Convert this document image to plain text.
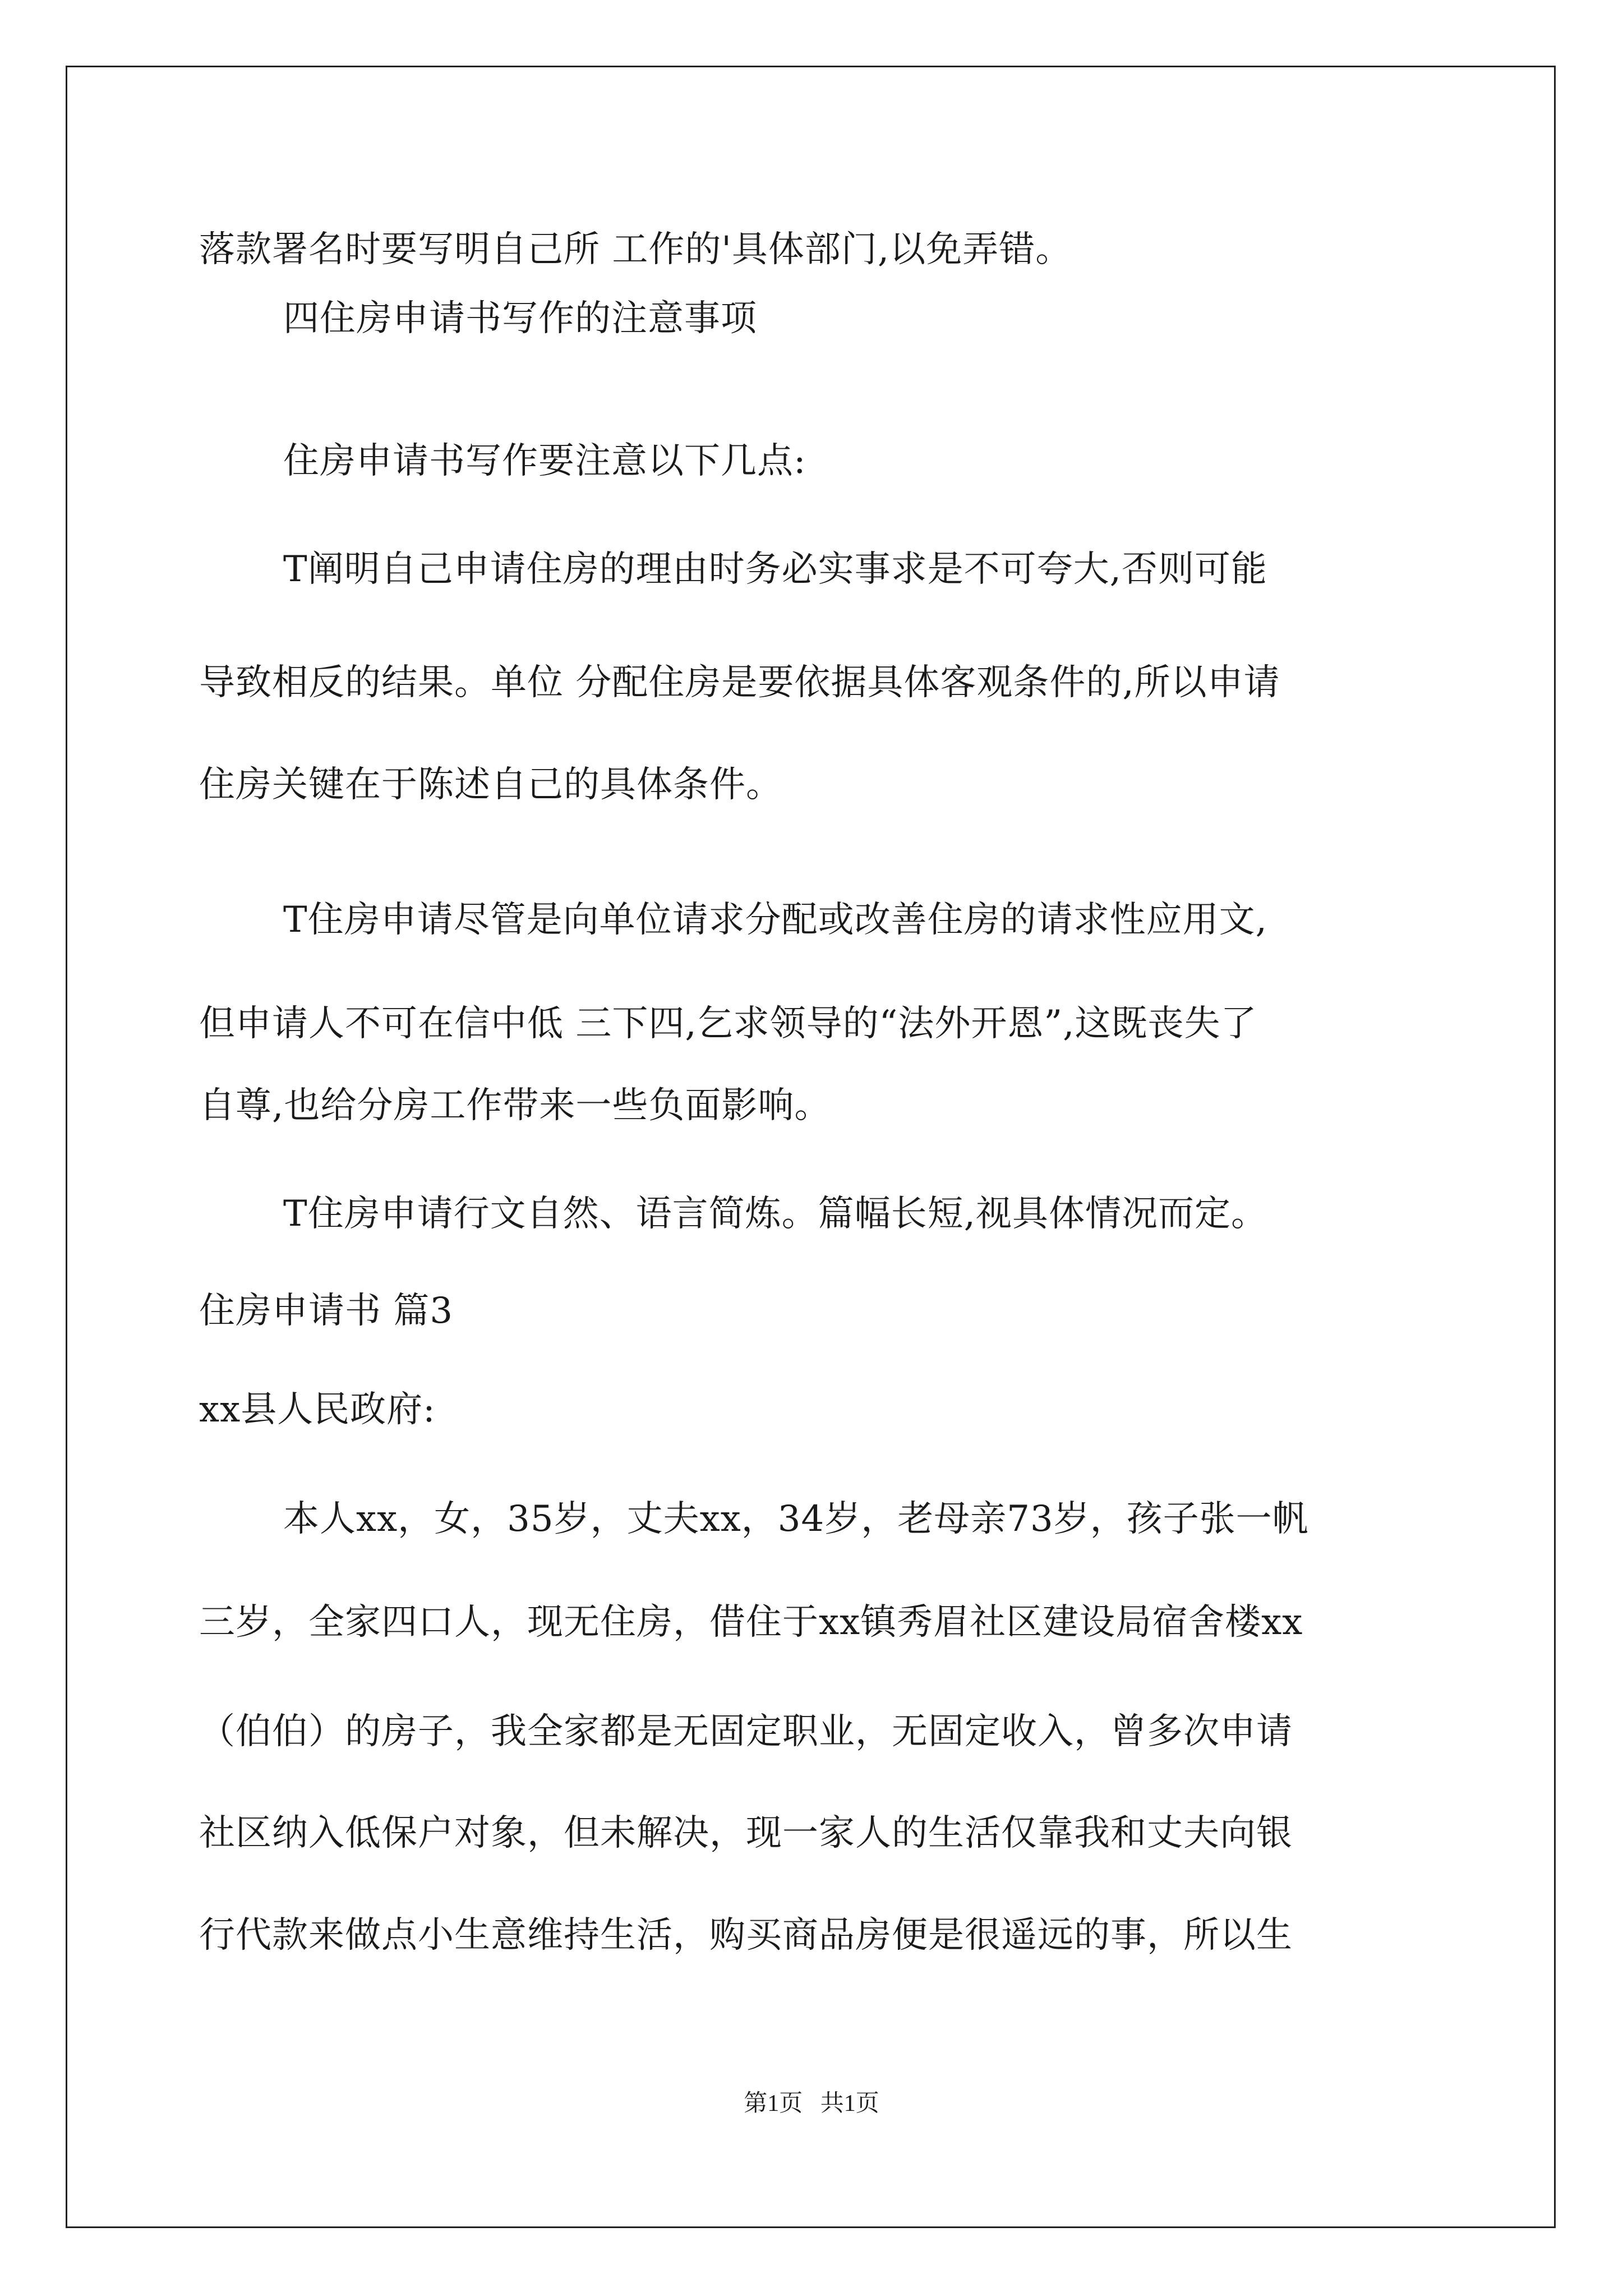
落款署名时要写明自己所 工作的'具体部门,以免弄错。
四住房申请书写作的注意事项
住房申请书写作要注意以下几点:
T阐明自己申请住房的理由时务必实事求是不可夸大,否则可能
导致相反的结果。单位 分配住房是要依据具体客观条件的,所以申请
住房关键在于陈述自己的具体条件。
T住房申请尽管是向单位请求分配或改善住房的请求性应用文,
但申请人不可在信中低 三下四,乞求领导的“法外开恩”,这既丧失了
自尊,也给分房工作带来一些负面影响。
T住房申请行文自然、语言简炼。篇幅长短,视具体情况而定。
住房申请书 篇3
xx县人民政府:
本人xx，女，35岁，丈夫xx，34岁，老母亲73岁，孩子张一帆
三岁，全家四口人，现无住房，借住于xx镇秀眉社区建设局宿舍楼xx
（伯伯）的房子，我全家都是无固定职业，无固定收入，曾多次申请
社区纳入低保户对象，但未解决，现一家人的生活仅靠我和丈夫向银
行代款来做点小生意维持生活，购买商品房便是很遥远的事，所以生
第1页   共1页
